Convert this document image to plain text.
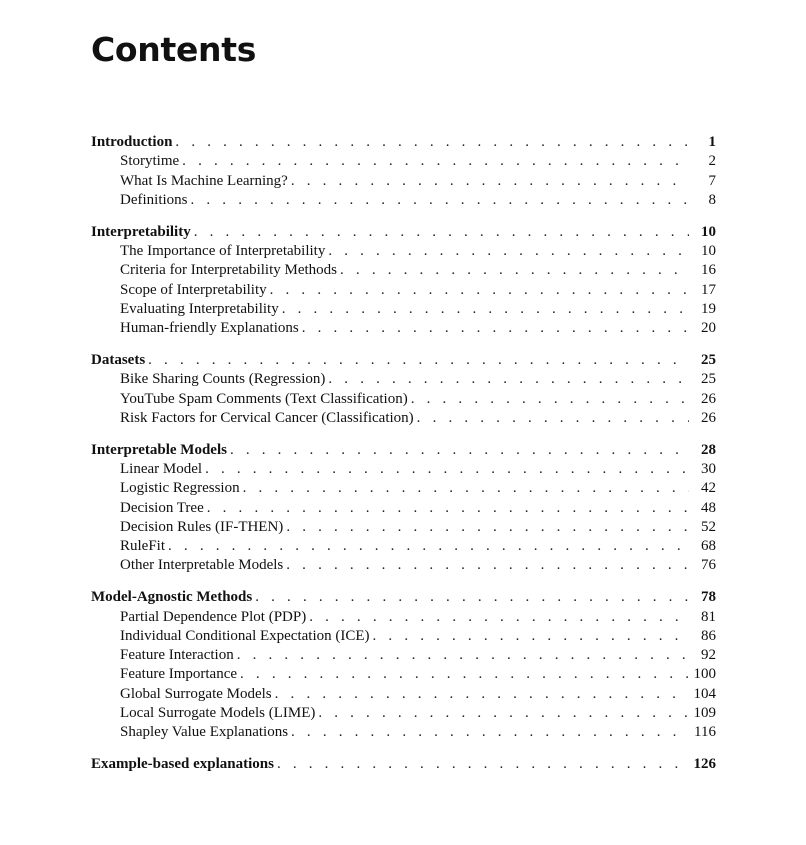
Contents
Introduction . . .	1
Storytime . . .	2
What Is Machine Learning? . . .	7
Definitions . . .	8
Interpretability . . .	10
The Importance of Interpretability . . .	10
Criteria for Interpretability Methods . . .	16
Scope of Interpretability . . .	17
Evaluating Interpretability . . .	19
Human-friendly Explanations . . .	20
Datasets . . .	25
Bike Sharing Counts (Regression) . . .	25
YouTube Spam Comments (Text Classification) . . .	26
Risk Factors for Cervical Cancer (Classification) . . .	26
Interpretable Models . . .	28
Linear Model . . .	30
Logistic Regression . . .	42
Decision Tree . . .	48
Decision Rules (IF-THEN) . . .	52
RuleFit . . .	68
Other Interpretable Models . . .	76
Model-Agnostic Methods . . .	78
Partial Dependence Plot (PDP) . . .	81
Individual Conditional Expectation (ICE) . . .	86
Feature Interaction . . .	92
Feature Importance . . .	100
Global Surrogate Models . . .	104
Local Surrogate Models (LIME) . . .	109
Shapley Value Explanations . . .	116
Example-based explanations . . .	126
